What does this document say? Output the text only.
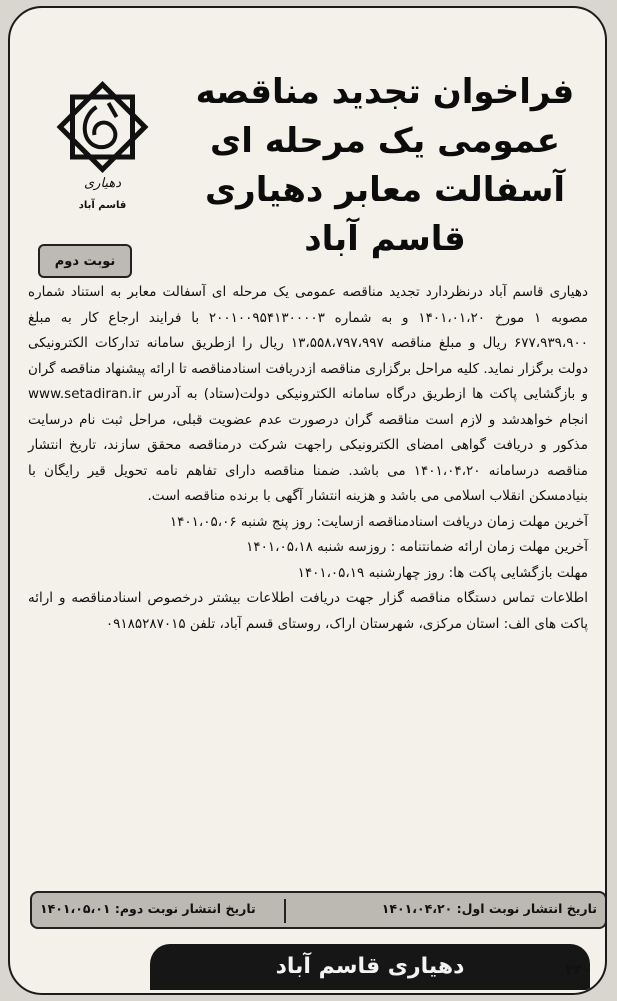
فراخوان تجدید مناقصه
عمومی یک مرحله ای
آسفالت معابر دهیاری
قاسم آباد
دهیاری
قاسم آباد
نوبت دوم

دهیاری قاسم آباد درنظردارد تجدید مناقصه عمومی یک مرحله ای آسفالت معابر به استناد شماره مصوبه ۱ مورخ ۱۴۰۱،۰۱،۲۰ و به شماره ۲۰۰۱۰۰۹۵۴۱۳۰۰۰۰۳ با فرایند ارجاع کار به مبلغ ۶۷۷،۹۳۹،۹۰۰ ریال و مبلغ مناقصه ۱۳،۵۵۸،۷۹۷،۹۹۷ ریال را ازطریق سامانه تدارکات الکترونیکی دولت برگزار نماید. کلیه مراحل برگزاری مناقصه ازدریافت اسنادمناقصه تا ارائه پیشنهاد مناقصه گران و بازگشایی پاکت ها ازطریق درگاه سامانه الکترونیکی دولت(ستاد) به آدرس www.setadiran.ir انجام خواهدشد و لازم است مناقصه گران درصورت عدم عضویت قبلی، مراحل ثبت نام درسایت مذکور و دریافت گواهی امضای الکترونیکی راجهت شرکت درمناقصه محقق سازند، تاریخ انتشار مناقصه درسامانه ۱۴۰۱،۰۴،۲۰ می باشد. ضمنا مناقصه دارای تفاهم نامه تحویل قیر رایگان با بنیادمسکن انقلاب اسلامی می باشد و هزینه انتشار آگهی با برنده مناقصه است.

آخرین مهلت زمان دریافت اسنادمناقصه ازسایت: روز پنج شنبه ۱۴۰۱،۰۵،۰۶

آخرین مهلت زمان ارائه ضمانتنامه : روزسه شنبه ۱۴۰۱،۰۵،۱۸

مهلت بازگشایی پاکت ها: روز چهارشنبه ۱۴۰۱،۰۵،۱۹

اطلاعات تماس دستگاه مناقصه گزار جهت دریافت اطلاعات بیشتر درخصوص اسنادمناقصه و ارائه پاکت های الف: استان مرکزی، شهرستان اراک، روستای قسم آباد، تلفن ۰۹۱۸۵۲۸۷۰۱۵

تاریخ انتشار نوبت اول: ۱۴۰۱،۰۴،۲۰
تاریخ انتشار نوبت دوم: ۱۴۰۱،۰۵،۰۱
دهیاری قاسم آباد	۴۲۰
